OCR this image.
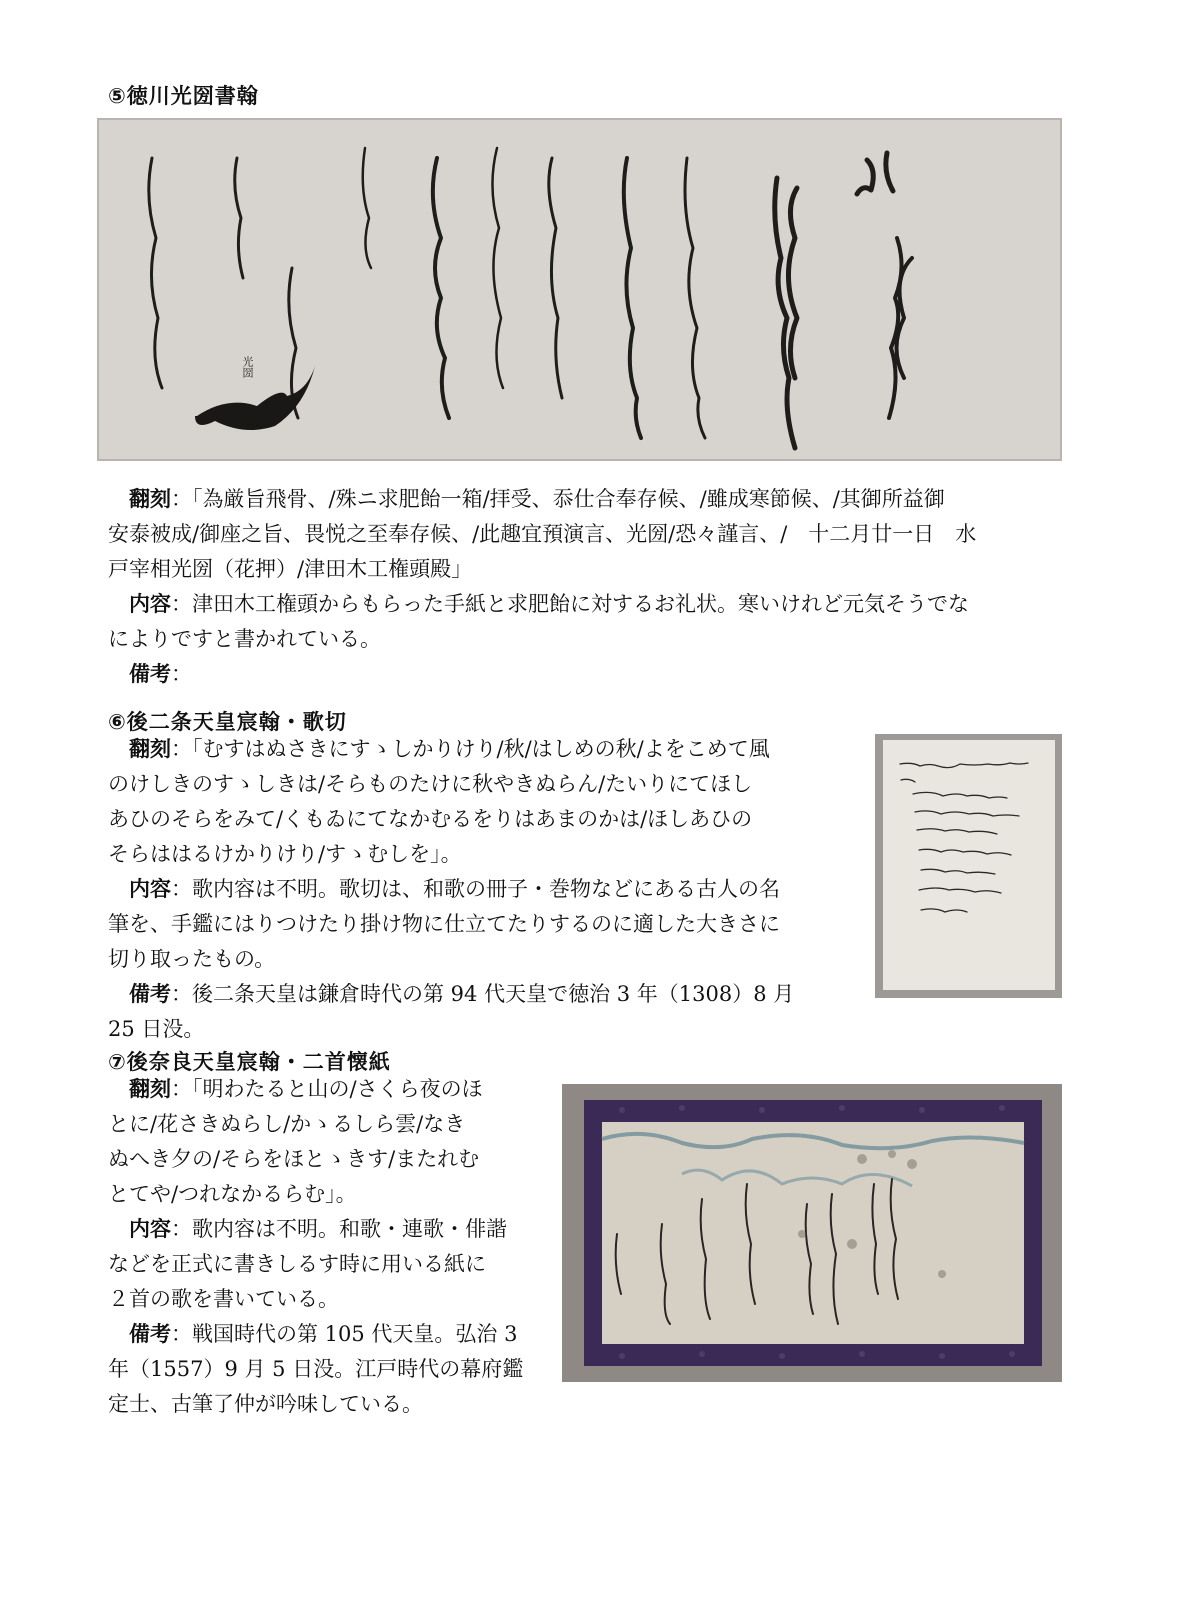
⑤徳川光圀書翰
光圀
　翻刻：「為厳旨飛骨、/殊ニ求肥飴一箱/拝受、忝仕合奉存候、/雖成寒節候、/其御所益御
安泰被成/御座之旨、畏悦之至奉存候、/此趣宜預演言、光圀/恐々謹言、/　十二月廿一日　水
戸宰相光圀（花押）/津田木工権頭殿」
　内容：津田木工権頭からもらった手紙と求肥飴に対するお礼状。寒いけれど元気そうでな
によりですと書かれている。
　備考：
⑥後二条天皇宸翰・歌切
　翻刻：「むすはぬさきにすゝしかりけり/秋/はしめの秋/よをこめて風
のけしきのすゝしきは/そらものたけに秋やきぬらん/たいりにてほし
あひのそらをみて/くもゐにてなかむるをりはあまのかは/ほしあひの
そらははるけかりけり/すゝむしを」。
　内容：歌内容は不明。歌切は、和歌の冊子・巻物などにある古人の名
筆を、手鑑にはりつけたり掛け物に仕立てたりするのに適した大きさに
切り取ったもの。
　備考：後二条天皇は鎌倉時代の第 94 代天皇で徳治 3 年（1308）8 月
25 日没。
⑦後奈良天皇宸翰・二首懐紙
　翻刻：「明わたると山の/さくら夜のほ
とに/花さきぬらし/かゝるしら雲/なき
ぬへき夕の/そらをほとゝきす/またれむ
とてや/つれなかるらむ」。
　内容：歌内容は不明。和歌・連歌・俳諧
などを正式に書きしるす時に用いる紙に
２首の歌を書いている。
　備考：戦国時代の第 105 代天皇。弘治 3
年（1557）9 月 5 日没。江戸時代の幕府鑑
定士、古筆了仲が吟味している。
